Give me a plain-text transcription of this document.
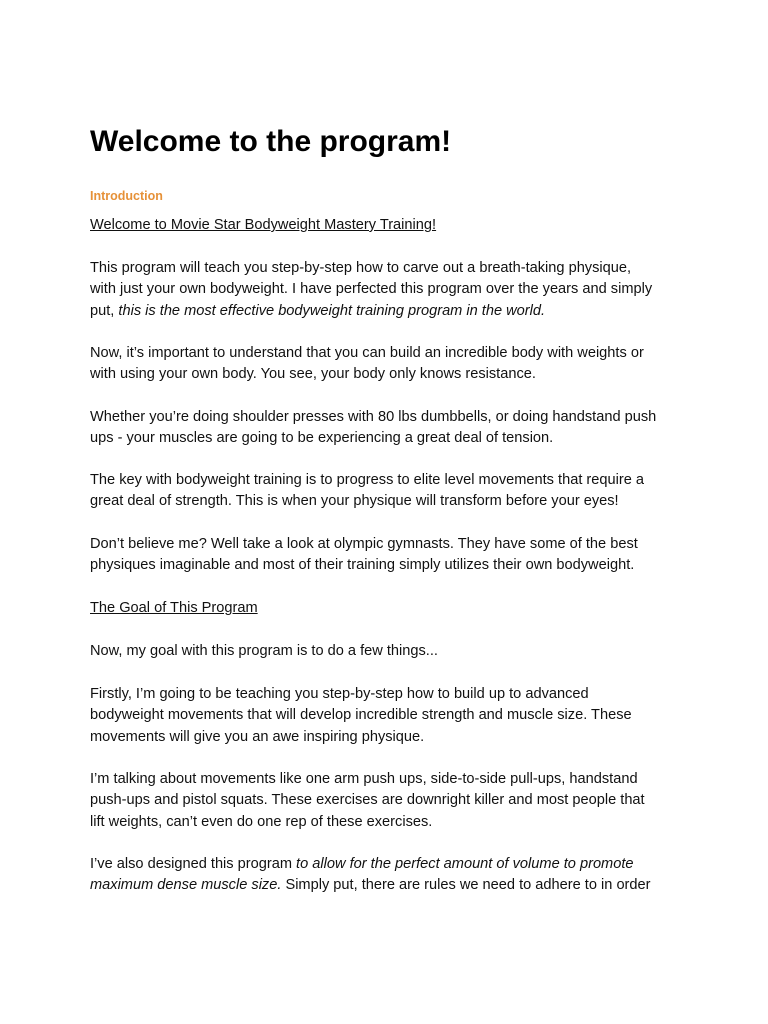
Welcome to the program!
Introduction
Welcome to Movie Star Bodyweight Mastery Training!
This program will teach you step-by-step how to carve out a breath-taking physique,
with just your own bodyweight. I have perfected this program over the years and simply
put, this is the most effective bodyweight training program in the world.
Now, it’s important to understand that you can build an incredible body with weights or
with using your own body. You see, your body only knows resistance.
Whether you’re doing shoulder presses with 80 lbs dumbbells, or doing handstand push
ups - your muscles are going to be experiencing a great deal of tension.
The key with bodyweight training is to progress to elite level movements that require a
great deal of strength. This is when your physique will transform before your eyes!
Don’t believe me? Well take a look at olympic gymnasts. They have some of the best
physiques imaginable and most of their training simply utilizes their own bodyweight.
The Goal of This Program
Now, my goal with this program is to do a few things...
Firstly, I’m going to be teaching you step-by-step how to build up to advanced
bodyweight movements that will develop incredible strength and muscle size. These
movements will give you an awe inspiring physique.
I’m talking about movements like one arm push ups, side-to-side pull-ups, handstand
push-ups and pistol squats. These exercises are downright killer and most people that
lift weights, can’t even do one rep of these exercises.
I’ve also designed this program to allow for the perfect amount of volume to promote
maximum dense muscle size. Simply put, there are rules we need to adhere to in order
